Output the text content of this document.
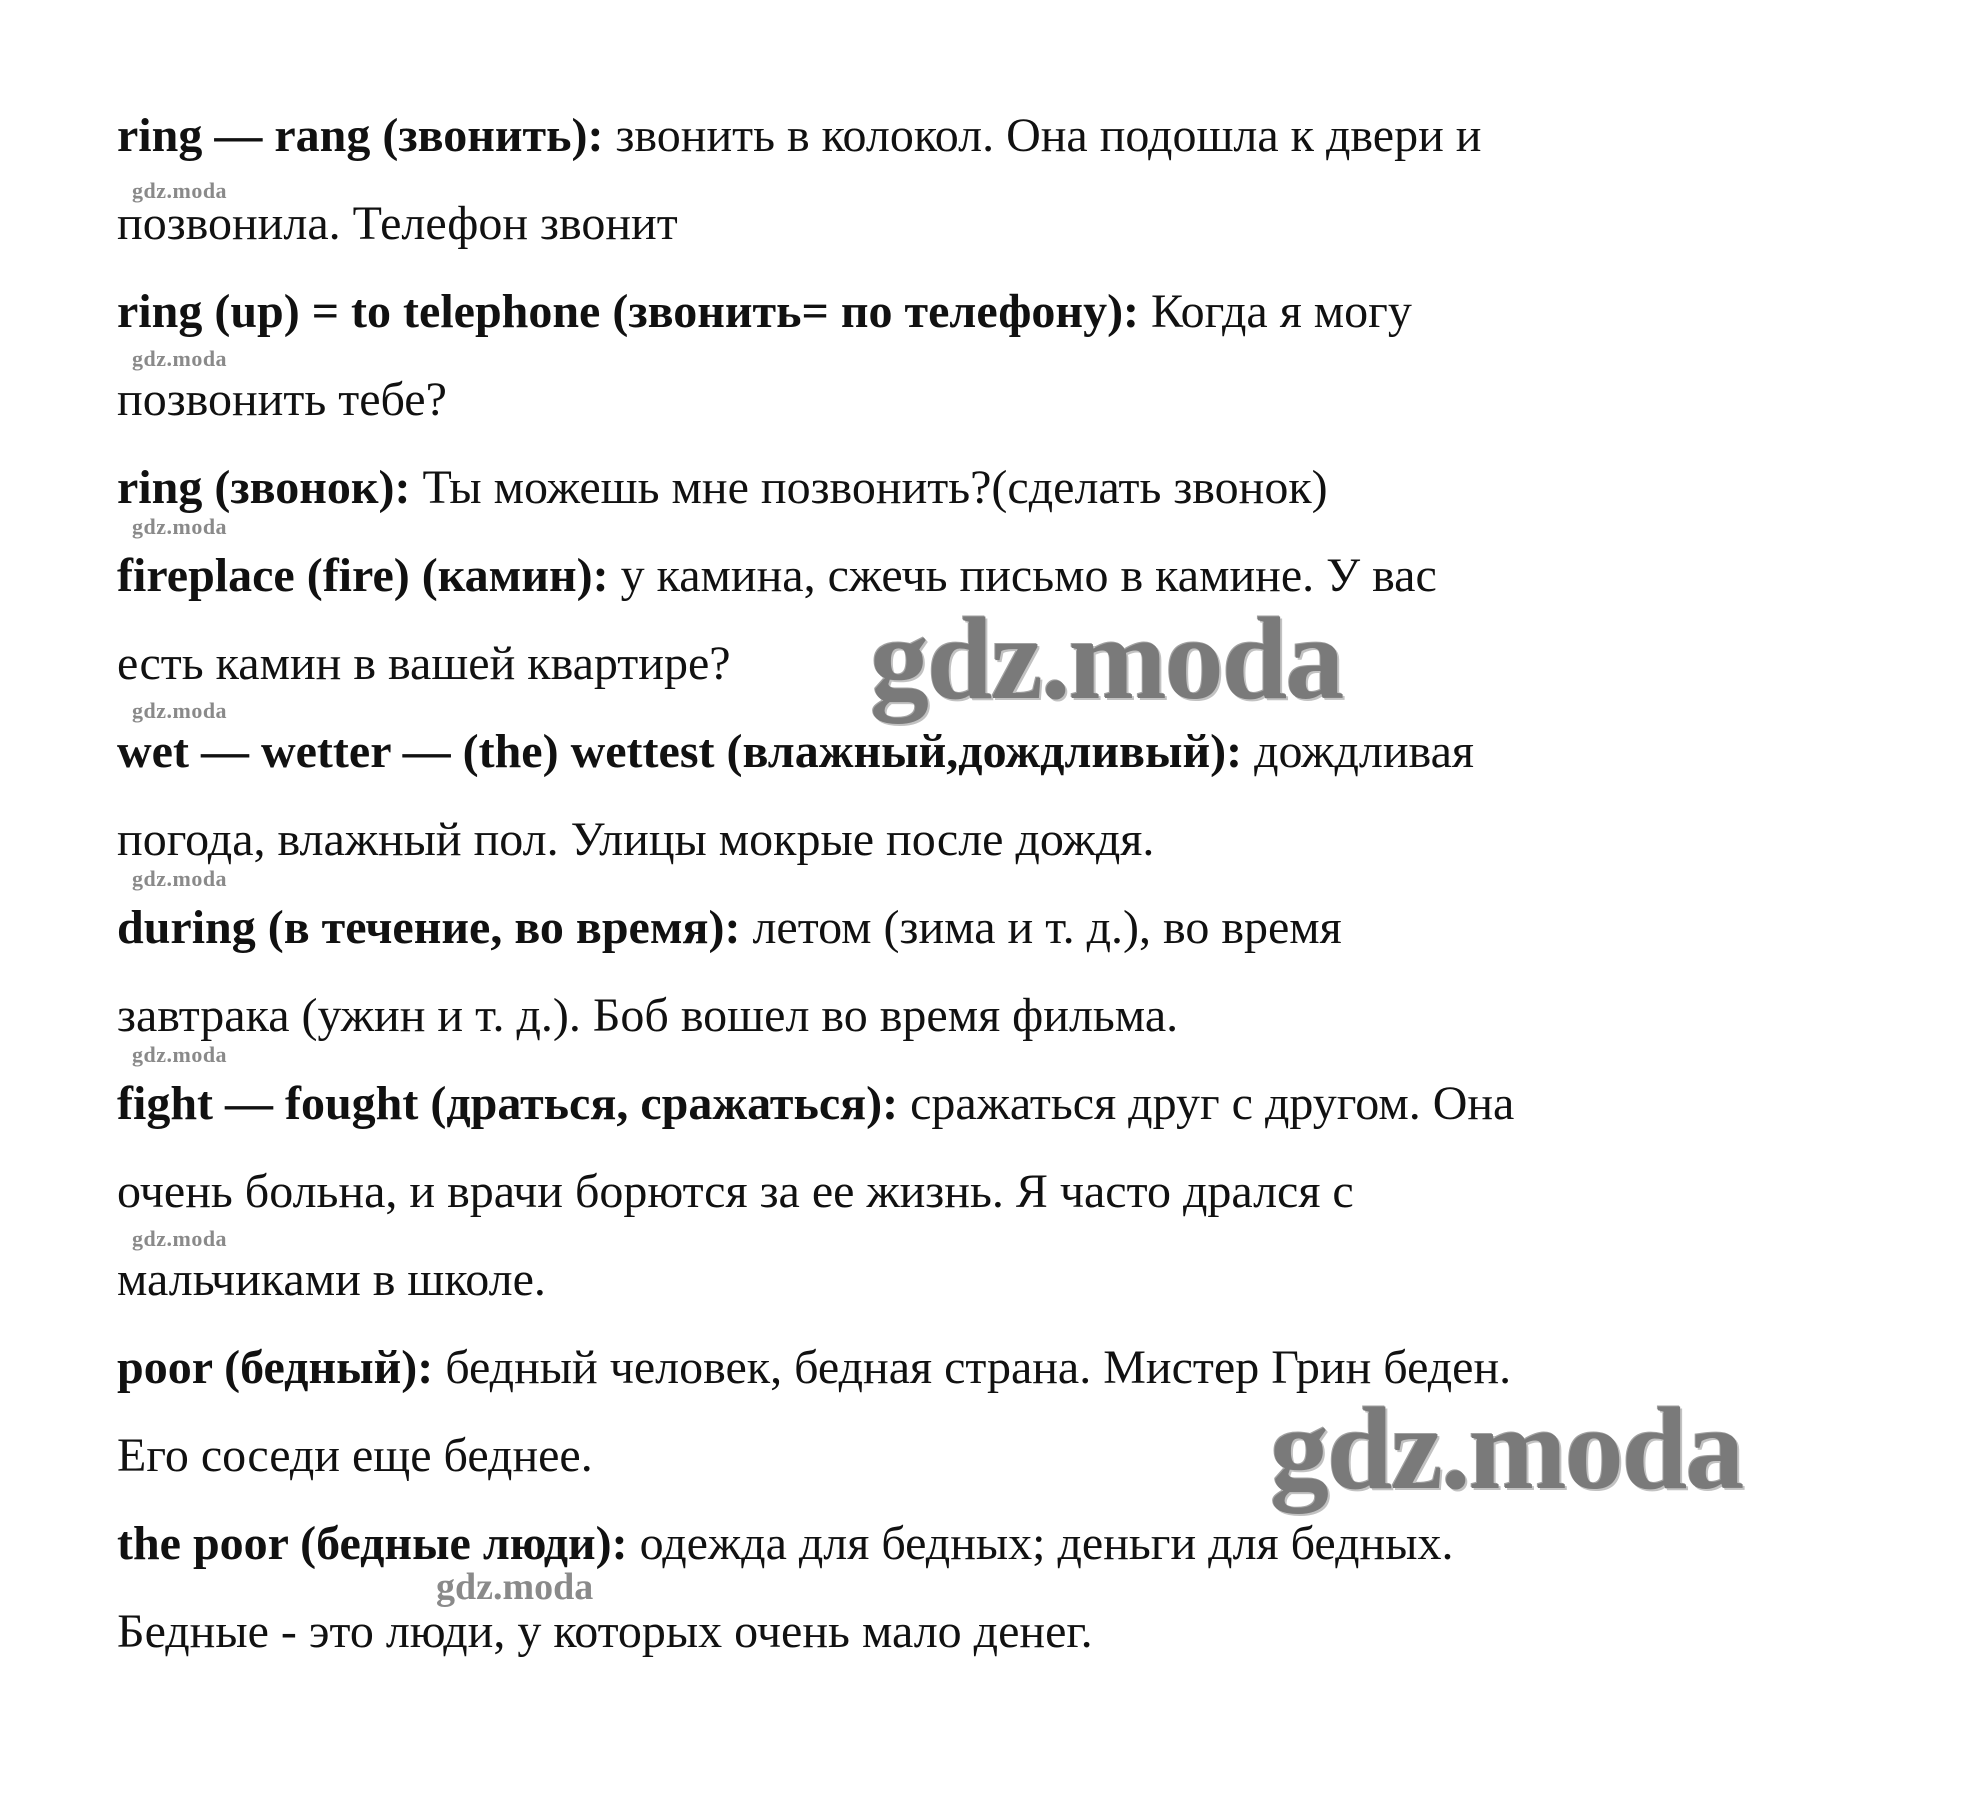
ring — rang (звонить): звонить в колокол. Она подошла к двери и
позвонила. Телефон звонит
ring (up) = to telephone (звонить= по телефону): Когда я могу
позвонить тебе?
ring (звонок): Ты можешь мне позвонить?(сделать звонок)
fireplace (fire) (камин): у камина, сжечь письмо в камине. У вас
есть камин в вашей квартире?
wet — wetter — (the) wettest (влажный,дождливый): дождливая
погода, влажный пол. Улицы мокрые после дождя.
during (в течение, во время): летом (зима и т. д.), во время
завтрака (ужин и т. д.). Боб вошел во время фильма.
fight — fought (драться, сражаться): сражаться друг с другом. Она
очень больна, и врачи борются за ее жизнь. Я часто дрался с
мальчиками в школе.
poor (бедный): бедный человек, бедная страна. Мистер Грин беден.
Его соседи еще беднее.
the poor (бедные люди): одежда для бедных; деньги для бедных.
Бедные - это люди, у которых очень мало денег.
gdz.moda
gdz.moda
gdz.moda
gdz.moda
gdz.moda
gdz.moda
gdz.moda
gdz.moda
gdz.moda
gdz.moda
